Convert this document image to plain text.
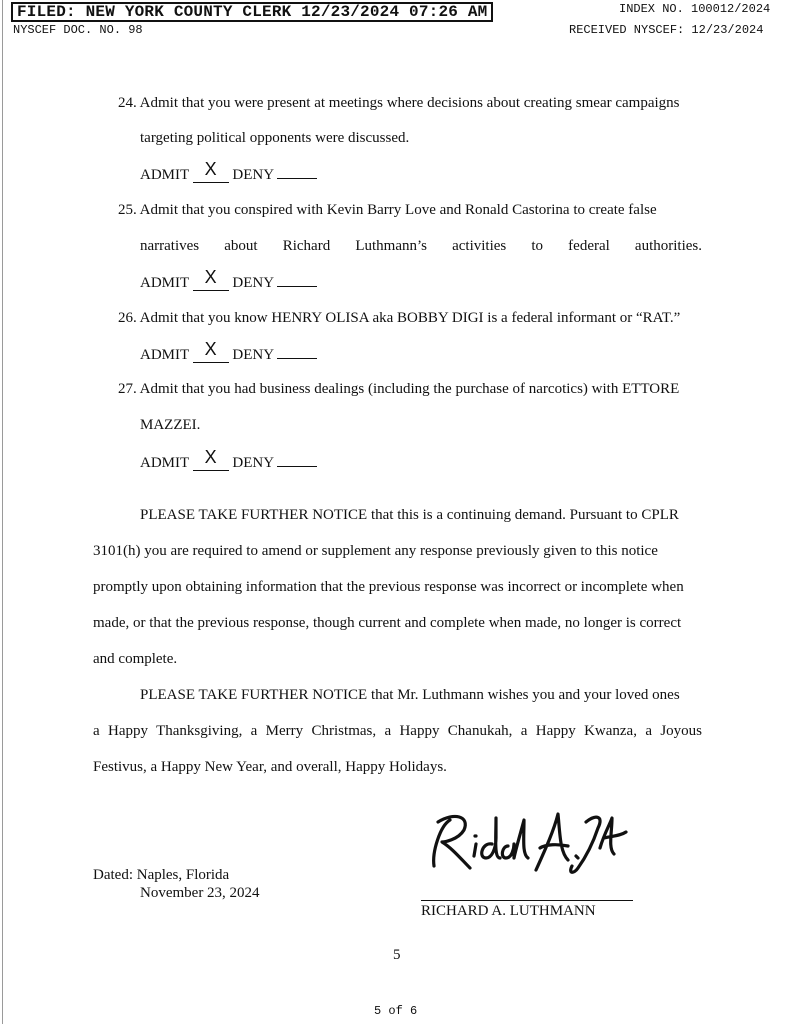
FILED: NEW YORK COUNTY CLERK 12/23/2024 07:26 AM
NYSCEF DOC. NO. 98
INDEX NO. 100012/2024
RECEIVED NYSCEF: 12/23/2024
24. Admit that you were present at meetings where decisions about creating smear campaigns
targeting political opponents were discussed.
ADMIT X DENY
25. Admit that you conspired with Kevin Barry Love and Ronald Castorina to create false
narratives about Richard Luthmann’s activities to federal authorities.
ADMIT X DENY
26. Admit that you know HENRY OLISA aka BOBBY DIGI is a federal informant or “RAT.”
ADMIT X DENY
27. Admit that you had business dealings (including the purchase of narcotics) with ETTORE
MAZZEI.
ADMIT X DENY
PLEASE TAKE FURTHER NOTICE that this is a continuing demand. Pursuant to CPLR
3101(h) you are required to amend or supplement any response previously given to this notice
promptly upon obtaining information that the previous response was incorrect or incomplete when
made, or that the previous response, though current and complete when made, no longer is correct
and complete.
PLEASE TAKE FURTHER NOTICE that Mr. Luthmann wishes you and your loved ones
a Happy Thanksgiving, a Merry Christmas, a Happy Chanukah, a Happy Kwanza, a Joyous
Festivus, a Happy New Year, and overall, Happy Holidays.
Dated: Naples, Florida
November 23, 2024
RICHARD A. LUTHMANN
5
5 of 6
